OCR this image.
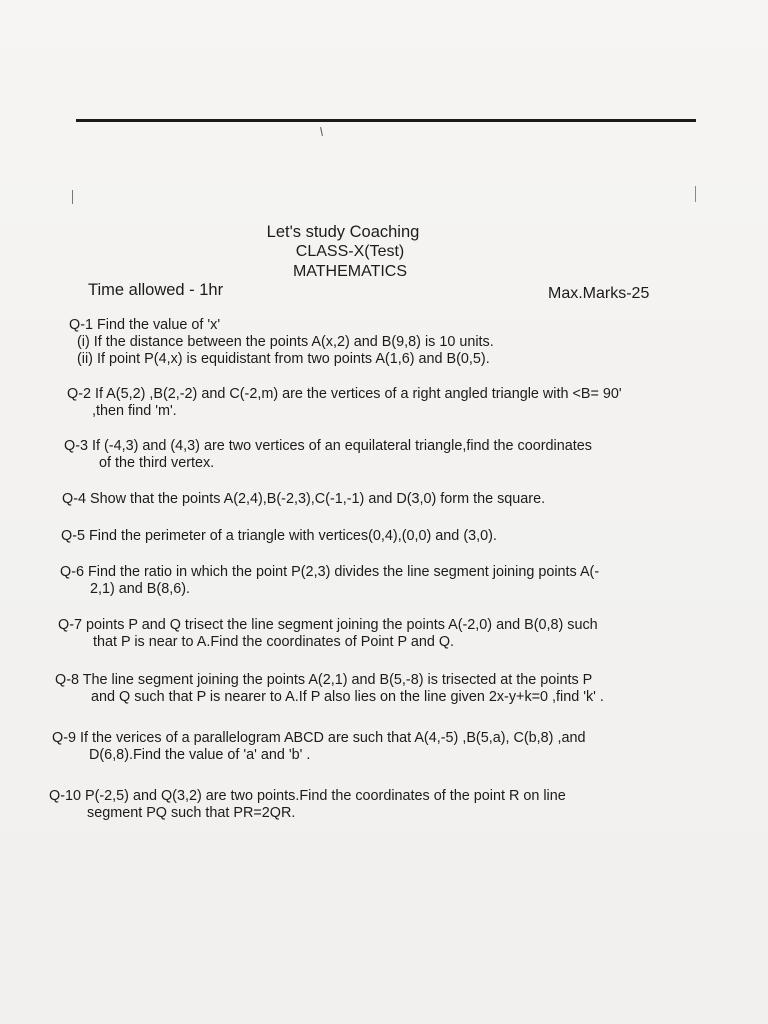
Let's study Coaching
CLASS-X(Test)
MATHEMATICS
Time allowed - 1hr	Max.Marks-25
Q-1 Find the value of 'x'
(i) If the distance between the points A(x,2) and B(9,8) is 10 units.
(ii) If point P(4,x) is equidistant from two points A(1,6) and B(0,5).
Q-2 If A(5,2) ,B(2,-2) and C(-2,m) are the vertices of a right angled triangle with <B= 90'
,then find 'm'.
Q-3 If (-4,3) and (4,3) are two vertices of an equilateral triangle,find the coordinates
of the third vertex.
Q-4 Show that the points A(2,4),B(-2,3),C(-1,-1) and D(3,0) form the square.
Q-5 Find the perimeter of a triangle with vertices(0,4),(0,0) and (3,0).
Q-6 Find the ratio in which the point P(2,3) divides the line segment joining points A(-
2,1) and B(8,6).
Q-7 points P and Q trisect the line segment joining the points A(-2,0) and B(0,8) such
that P is near to A.Find the coordinates of Point P and Q.
Q-8 The line segment joining the points A(2,1) and B(5,-8) is trisected at the points P
and Q such that P is nearer to A.If P also lies on the line given 2x-y+k=0 ,find 'k' .
Q-9 If the verices of a parallelogram ABCD are such that A(4,-5) ,B(5,a), C(b,8) ,and
D(6,8).Find the value of 'a' and 'b' .
Q-10 P(-2,5) and Q(3,2) are two points.Find the coordinates of the point R on line
segment PQ such that PR=2QR.
